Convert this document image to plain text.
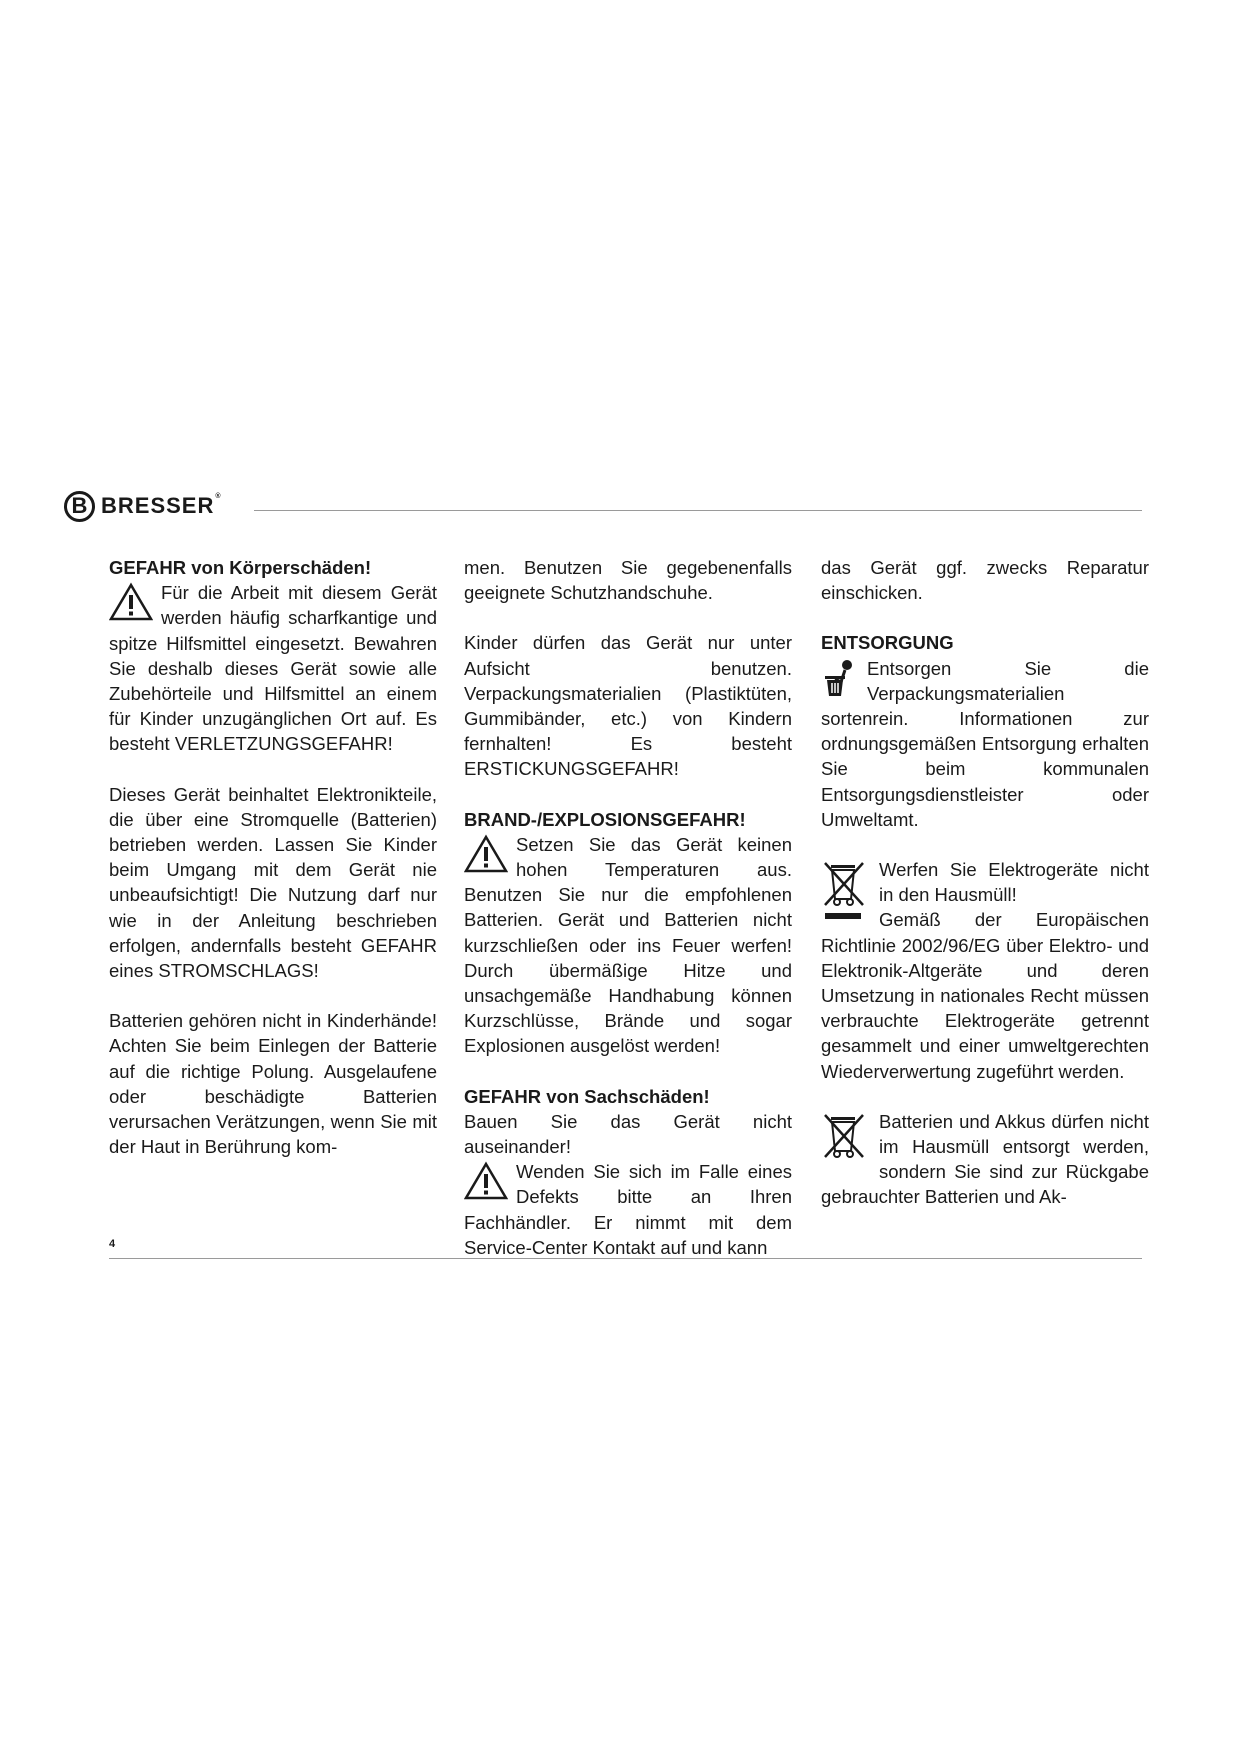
B BRESSER®
GEFAHR von Körperschäden!

Für die Arbeit mit diesem Gerät werden häufig scharfkantige und spitze Hilfsmittel eingesetzt. Bewahren Sie deshalb dieses Gerät sowie alle Zubehörteile und Hilfsmittel an einem für Kinder unzugänglichen Ort auf. Es besteht VERLETZUNGSGEFAHR!

Dieses Gerät beinhaltet Elektronikteile, die über eine Stromquelle (Batterien) betrieben werden. Lassen Sie Kinder beim Umgang mit dem Gerät nie unbeaufsichtigt! Die Nutzung darf nur wie in der Anleitung beschrieben erfolgen, andernfalls besteht GEFAHR eines STROMSCHLAGS!

Batterien gehören nicht in Kinderhände! Achten Sie beim Einlegen der Batterie auf die richtige Polung. Ausgelaufene oder beschädigte Batterien verursachen Verätzungen, wenn Sie mit der Haut in Berührung kom-

men. Benutzen Sie gegebenenfalls geeignete Schutzhandschuhe.

Kinder dürfen das Gerät nur unter Aufsicht benutzen. Verpackungsmaterialien (Plastiktüten, Gummibänder, etc.) von Kindern fernhalten! Es besteht ERSTICKUNGSGEFAHR!

BRAND-/EXPLOSIONSGEFAHR!

Setzen Sie das Gerät keinen hohen Temperaturen aus. Benutzen Sie nur die empfohlenen Batterien. Gerät und Batterien nicht kurzschließen oder ins Feuer werfen! Durch übermäßige Hitze und unsachgemäße Handhabung können Kurzschlüsse, Brände und sogar Explosionen ausgelöst werden!

GEFAHR von Sachschäden!

Bauen Sie das Gerät nicht auseinander!

Wenden Sie sich im Falle eines Defekts bitte an Ihren Fachhändler. Er nimmt mit dem Service-Center Kontakt auf und kann

das Gerät ggf. zwecks Reparatur einschicken.

ENTSORGUNG

Entsorgen Sie die Verpackungsmaterialien sortenrein. Informationen zur ordnungsgemäßen Entsorgung erhalten Sie beim kommunalen Entsorgungsdienstleister oder Umweltamt.

Werfen Sie Elektrogeräte nicht in den Hausmüll!
Gemäß der Europäischen Richtlinie 2002/96/EG über Elektro- und Elektronik-Altgeräte und deren Umsetzung in nationales Recht müssen verbrauchte Elektrogeräte getrennt gesammelt und einer umweltgerechten Wiederverwertung zugeführt werden.

Batterien und Akkus dürfen nicht im Hausmüll entsorgt werden, sondern Sie sind zur Rückgabe gebrauchter Batterien und Ak-

4
